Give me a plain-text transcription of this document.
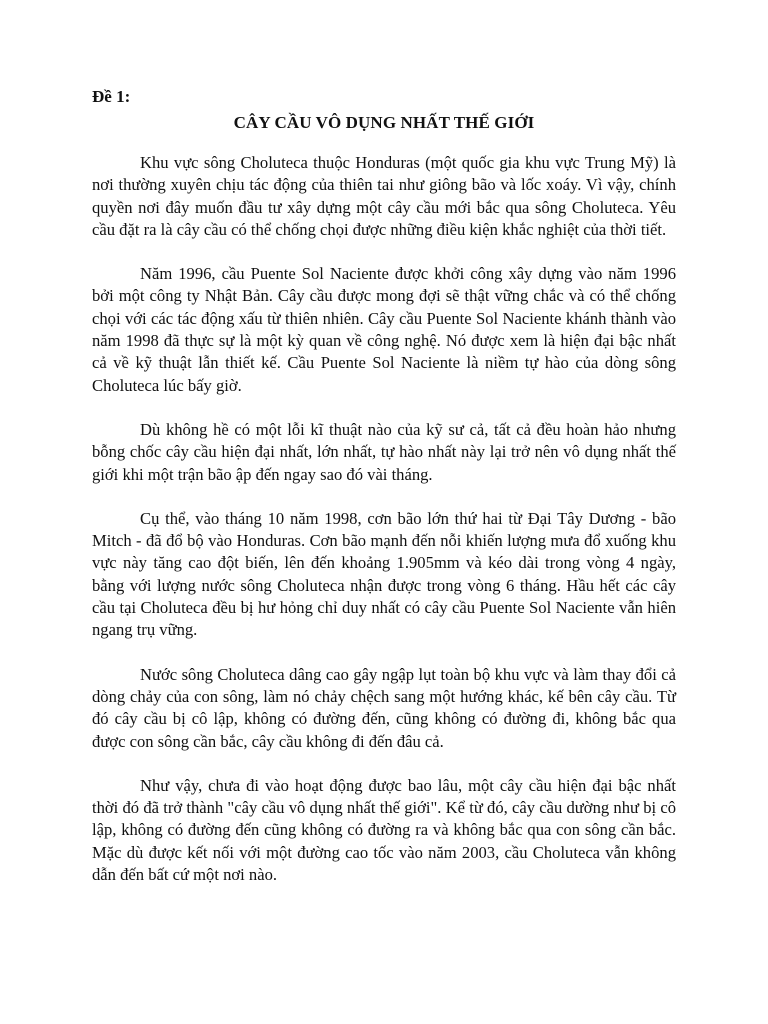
Đề 1:

CÂY CẦU VÔ DỤNG NHẤT THẾ GIỚI

Khu vực sông Choluteca thuộc Honduras (một quốc gia khu vực Trung Mỹ) là nơi thường xuyên chịu tác động của thiên tai như giông bão và lốc xoáy. Vì vậy, chính quyền nơi đây muốn đầu tư xây dựng một cây cầu mới bắc qua sông Choluteca. Yêu cầu đặt ra là cây cầu có thể chống chọi được những điều kiện khắc nghiệt của thời tiết.

Năm 1996, cầu Puente Sol Naciente được khởi công xây dựng vào năm 1996 bởi một công ty Nhật Bản. Cây cầu được mong đợi sẽ thật vững chắc và có thể chống chọi với các tác động xấu từ thiên nhiên. Cây cầu Puente Sol Naciente khánh thành vào năm 1998 đã thực sự là một kỳ quan về công nghệ. Nó được xem là hiện đại bậc nhất cả về kỹ thuật lẫn thiết kế. Cầu Puente Sol Naciente là niềm tự hào của dòng sông Choluteca lúc bấy giờ.

Dù không hề có một lỗi kĩ thuật nào của kỹ sư cả, tất cả đều hoàn hảo nhưng bỗng chốc cây cầu hiện đại nhất, lớn nhất, tự hào nhất này lại trở nên vô dụng nhất thế giới khi một trận bão ập đến ngay sao đó vài tháng.

Cụ thể, vào tháng 10 năm 1998, cơn bão lớn thứ hai từ Đại Tây Dương - bão Mitch - đã đổ bộ vào Honduras. Cơn bão mạnh đến nỗi khiến lượng mưa đổ xuống khu vực này tăng cao đột biến, lên đến khoảng 1.905mm và kéo dài trong vòng 4 ngày, bằng với lượng nước sông Choluteca nhận được trong vòng 6 tháng. Hầu hết các cây cầu tại Choluteca đều bị hư hỏng chỉ duy nhất có cây cầu Puente Sol Naciente vẫn hiên ngang trụ vững.

Nước sông Choluteca dâng cao gây ngập lụt toàn bộ khu vực và làm thay đổi cả dòng chảy của con sông, làm nó chảy chệch sang một hướng khác, kế bên cây cầu. Từ đó cây cầu bị cô lập, không có đường đến, cũng không có đường đi, không bắc qua được con sông cần bắc, cây cầu không đi đến đâu cả.

Như vậy, chưa đi vào hoạt động được bao lâu, một cây cầu hiện đại bậc nhất thời đó đã trở thành "cây cầu vô dụng nhất thế giới". Kể từ đó, cây cầu dường như bị cô lập, không có đường đến cũng không có đường ra và không bắc qua con sông cần bắc. Mặc dù được kết nối với một đường cao tốc vào năm 2003, cầu Choluteca vẫn không dẫn đến bất cứ một nơi nào.
